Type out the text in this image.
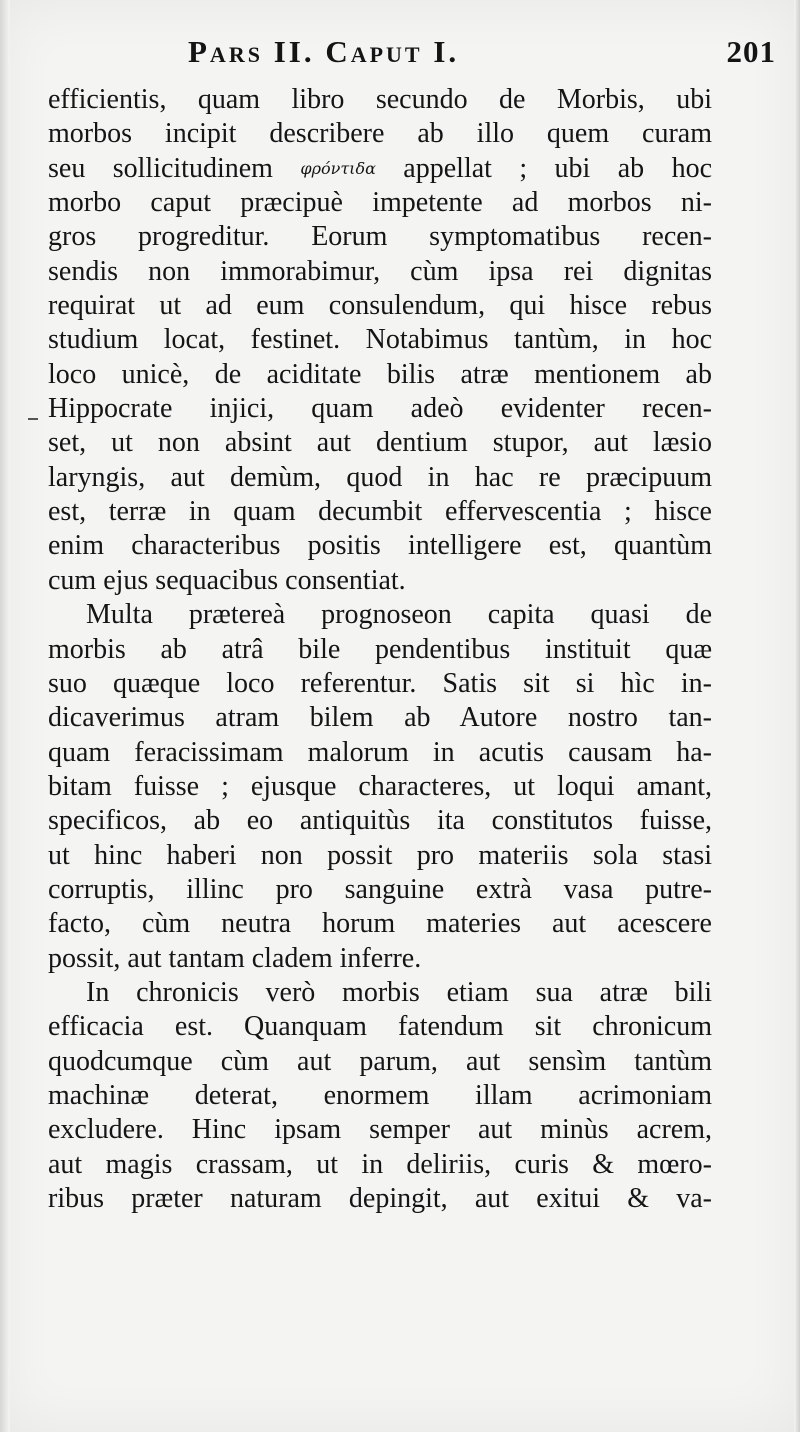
Pars II. Caput I.	201
efficientis, quam libro secundo de Morbis, ubi
morbos incipit describere ab illo quem curam
seu sollicitudinem φρόντιδα appellat ; ubi ab hoc
morbo caput præcipuè impetente ad morbos ni-
gros progreditur. Eorum symptomatibus recen-
sendis non immorabimur, cùm ipsa rei dignitas
requirat ut ad eum consulendum, qui hisce rebus
studium locat, festinet. Notabimus tantùm, in hoc
loco unicè, de aciditate bilis atræ mentionem ab
Hippocrate injici, quam adeò evidenter recen-
set, ut non absint aut dentium stupor, aut læsio
laryngis, aut demùm, quod in hac re præcipuum
est, terræ in quam decumbit effervescentia ; hisce
enim characteribus positis intelligere est, quantùm
cum ejus sequacibus consentiat.
Multa prætereà prognoseon capita quasi de
morbis ab atrâ bile pendentibus instituit quæ
suo quæque loco referentur. Satis sit si hìc in-
dicaverimus atram bilem ab Autore nostro tan-
quam feracissimam malorum in acutis causam ha-
bitam fuisse ; ejusque characteres, ut loqui amant,
specificos, ab eo antiquitùs ita constitutos fuisse,
ut hinc haberi non possit pro materiis sola stasi
corruptis, illinc pro sanguine extrà vasa putre-
facto, cùm neutra horum materies aut acescere
possit, aut tantam cladem inferre.
In chronicis verò morbis etiam sua atræ bili
efficacia est. Quanquam fatendum sit chronicum
quodcumque cùm aut parum, aut sensìm tantùm
machinæ deterat, enormem illam acrimoniam
excludere. Hinc ipsam semper aut minùs acrem,
aut magis crassam, ut in deliriis, curis & mœro-
ribus præter naturam depingit, aut exitui & va-
